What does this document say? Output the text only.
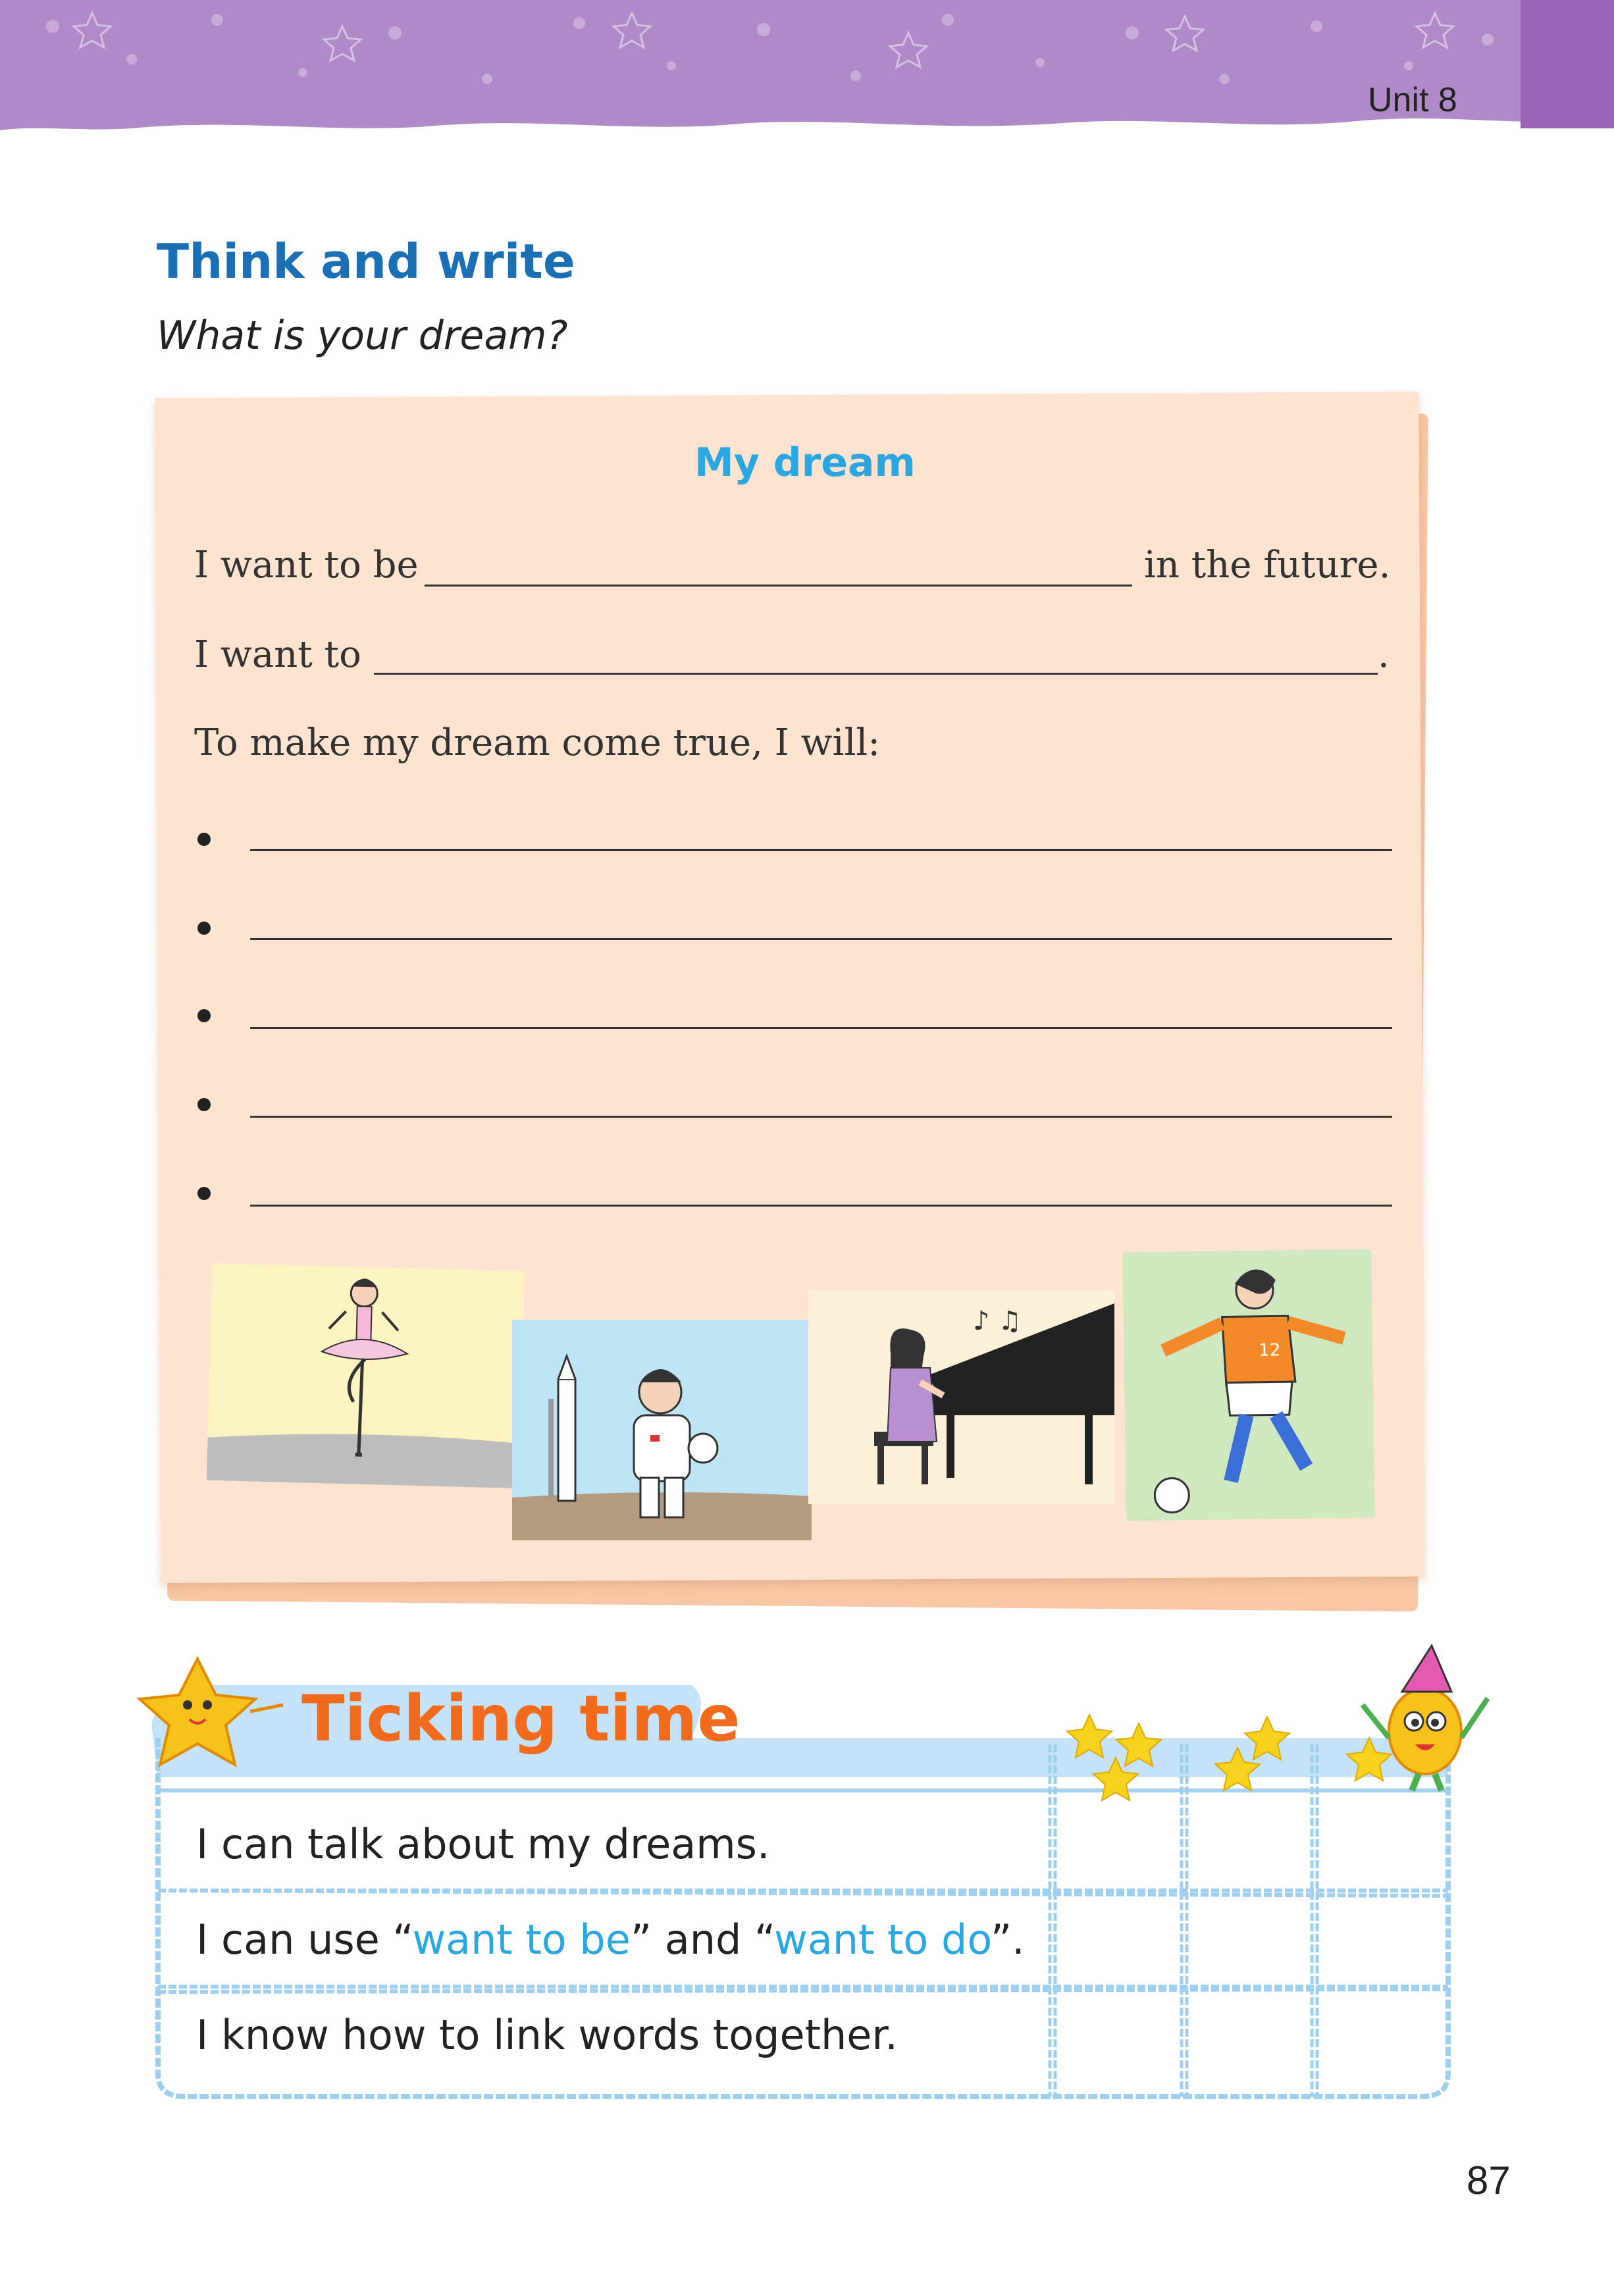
Unit 8
Think and write
What is your dream?
My dream
I want to be	in the future.
I want to	.
To make my dream come true, I will:
♪ ♫
12
Ticking time
I can talk about my dreams.
I can use “want to be” and “want to do”.
I know how to link words together.
87
